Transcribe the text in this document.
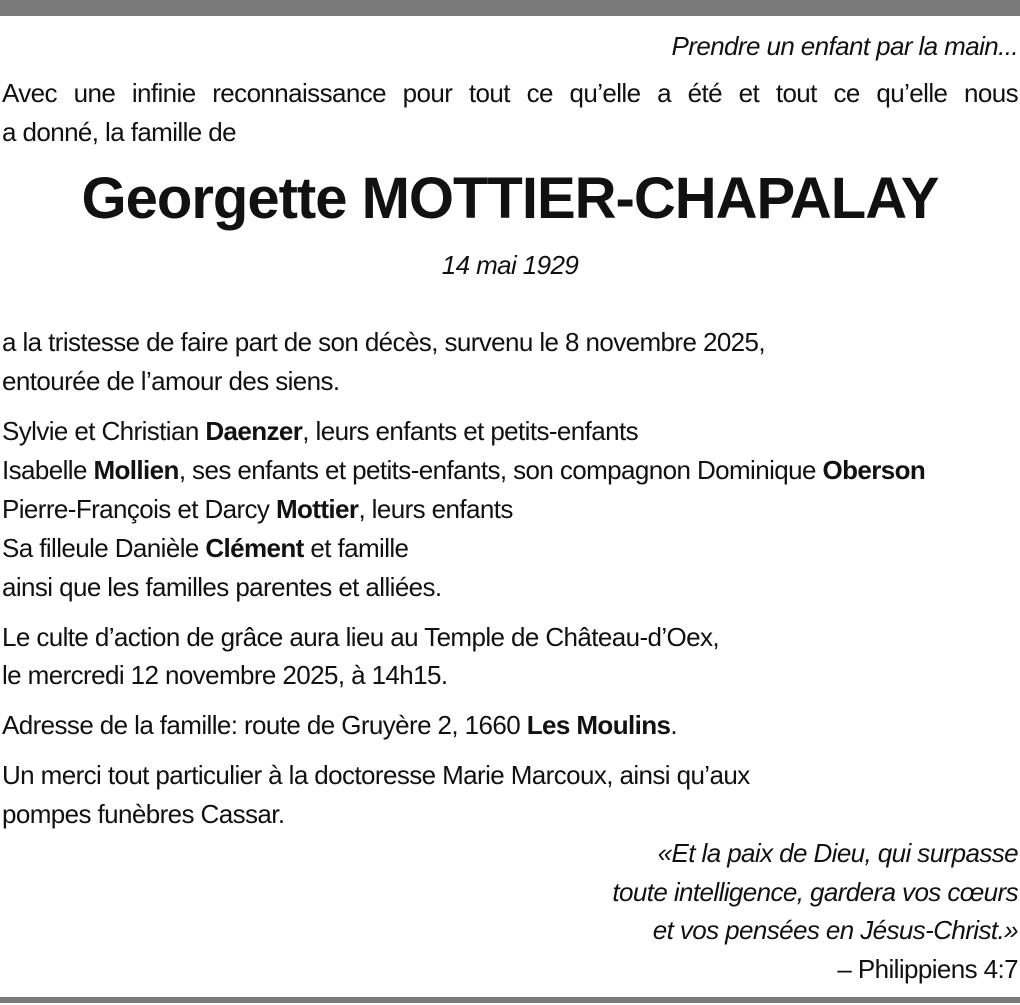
Prendre un enfant par la main...
Avec une infinie reconnaissance pour tout ce qu’elle a été et tout ce qu’elle nous
a donné, la famille de
Georgette MOTTIER-CHAPALAY
14 mai 1929
a la tristesse de faire part de son décès, survenu le 8 novembre 2025,
entourée de l’amour des siens.
Sylvie et Christian Daenzer, leurs enfants et petits-enfants
Isabelle Mollien, ses enfants et petits-enfants, son compagnon Dominique Oberson
Pierre-François et Darcy Mottier, leurs enfants
Sa filleule Danièle Clément et famille
ainsi que les familles parentes et alliées.
Le culte d’action de grâce aura lieu au Temple de Château-d’Oex,
le mercredi 12 novembre 2025, à 14h15.
Adresse de la famille: route de Gruyère 2, 1660 Les Moulins.
Un merci tout particulier à la doctoresse Marie Marcoux, ainsi qu’aux
pompes funèbres Cassar.
«Et la paix de Dieu, qui surpasse
toute intelligence, gardera vos cœurs
et vos pensées en Jésus-Christ.»
– Philippiens 4:7
